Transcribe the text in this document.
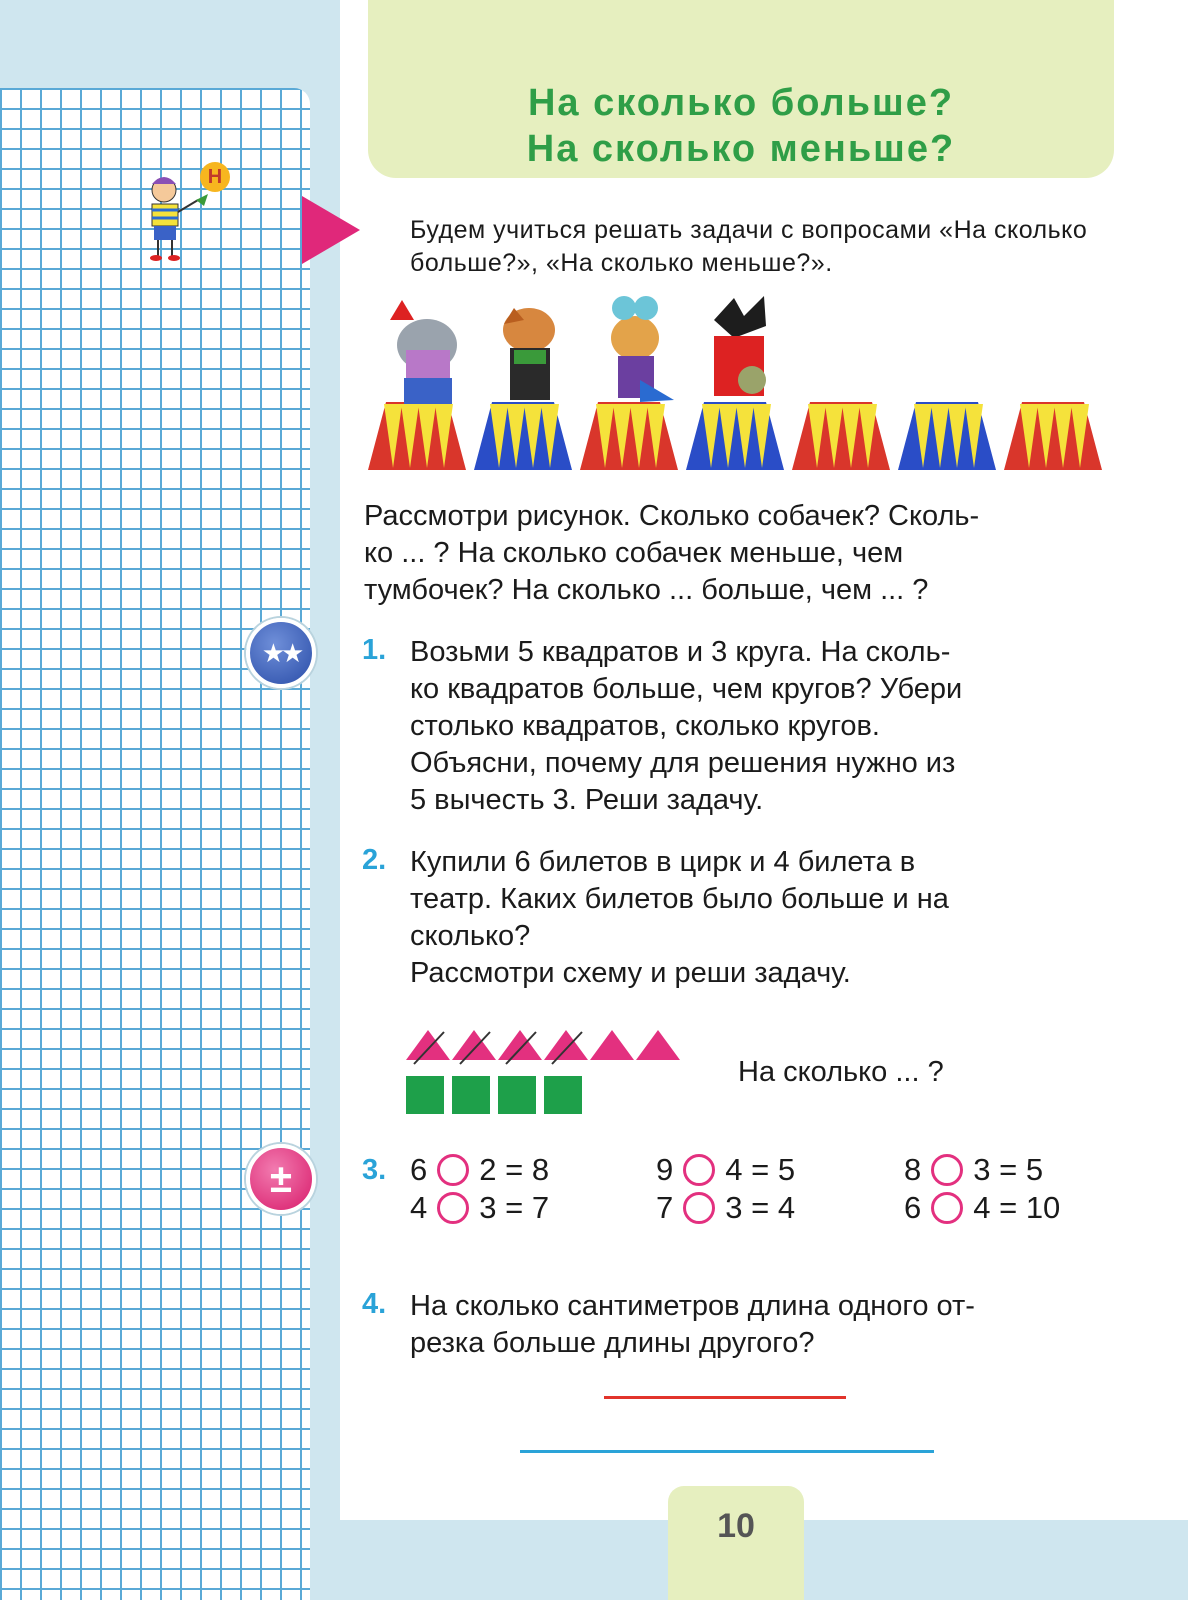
Н
На сколько больше?
На сколько меньше?
Будем учиться решать задачи с вопросами «На сколько больше?», «На сколько меньше?».
Рассмотри рисунок. Сколько собачек? Сколь-
ко ... ? На сколько собачек меньше, чем
тумбочек? На сколько ... больше, чем ... ?
1. Возьми 5 квадратов и 3 круга. На сколь-
ко квадратов больше, чем кругов? Убери
столько квадратов, сколько кругов.
Объясни, почему для решения нужно из
5 вычесть 3. Реши задачу.
2. Купили 6 билетов в цирк и 4 билета в
театр. Каких билетов было больше и на
сколько?
Рассмотри схему и реши задачу.
На сколько ... ?
3. 6 2 = 8	9 4 = 5	8 3 = 5
4 3 = 7	7 3 = 4	6 4 = 10
4. На сколько сантиметров длина одного от-
резка больше длины другого?
★★
±
10
